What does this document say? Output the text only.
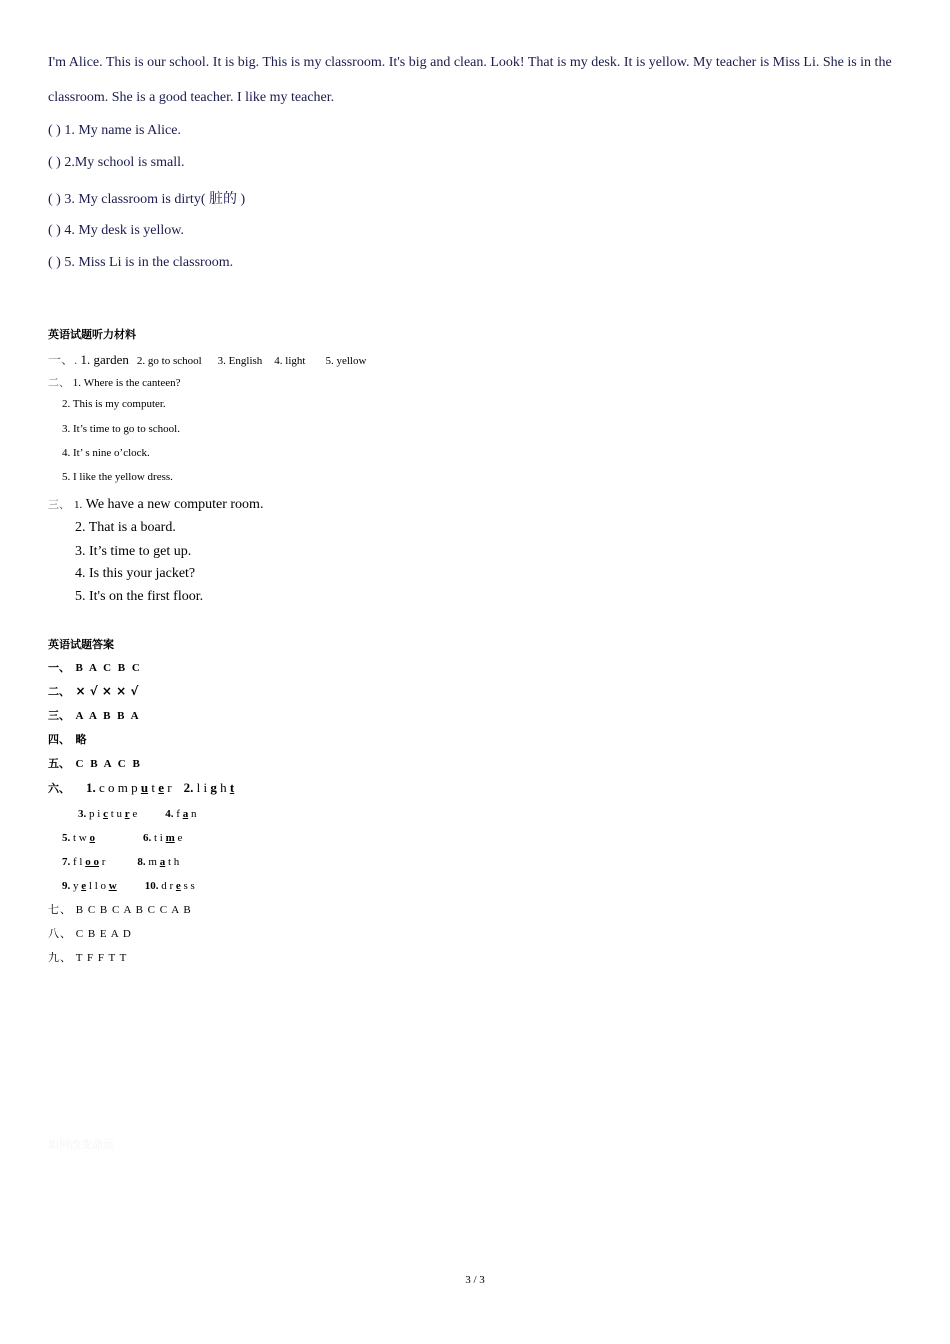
I'm Alice. This is our school. It is big. This is my classroom. It's big and clean. Look! That is my desk. It is yellow. My teacher is Miss Li. She is in the
classroom. She is a good teacher. I like my teacher.
( ) 1. My name is Alice.
( ) 2.My school is small.
( ) 3. My classroom is dirty( 脏的 )
( ) 4. My desk is yellow.
( ) 5. Miss Li is in the classroom.
英语试题听力材料
一、. 1. garden 2. go to school 3. English 4. light 5. yellow
二、 1. Where is the canteen?
2. This is my computer.
3. It’s time to go to school.
4. It’ s nine o’clock.
5. I like the yellow dress.
三、 1. We have a new computer room.
2. That is a board.
3. It’s time to get up.
4. Is this your jacket?
5. It's on the first floor.
英语试题答案
一、 B A C B C
二、 × √ × × √
三、 A A B B A
四、 略
五、 C B A C B
六、 1. c o m p u t e r 2. l i g h t
3. p i c t u r e	4. f a n
5. t w o	6. t i m e
7. f l o o r	8. m a t h
9. y e l l o w	10. d r e s s
七、 B C B C A B C C A B
八、 C B E A D
九、 T F F T T
如何改变命运
3 / 3
